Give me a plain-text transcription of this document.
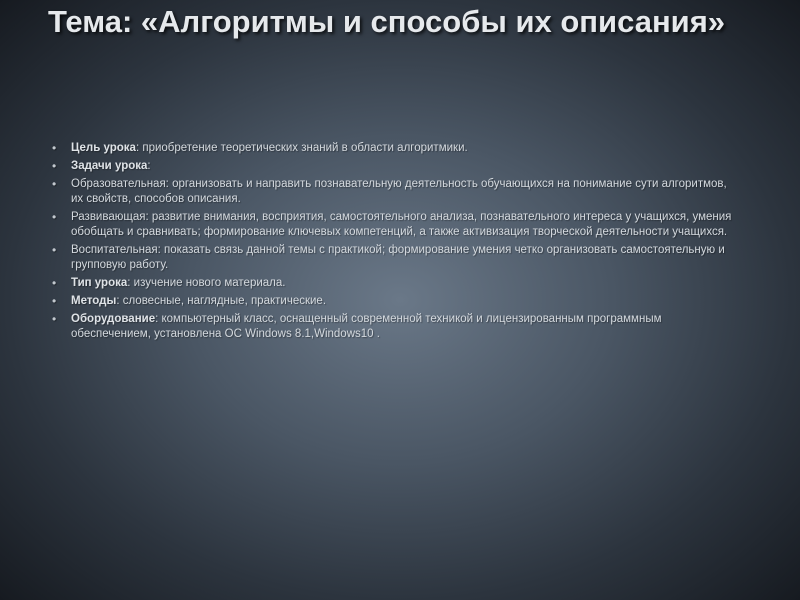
Тема: «Алгоритмы и способы их описания»
• Цель урока: приобретение теоретических знаний в области алгоритмики.
• Задачи урока:
• Образовательная: организовать и направить познавательную деятельность обучающихся на понимание сути алгоритмов, их свойств, способов описания.
• Развивающая: развитие внимания, восприятия, самостоятельного анализа, познавательного интереса у учащихся, умения обобщать и сравнивать; формирование ключевых компетенций, а также активизация творческой деятельности учащихся.
• Воспитательная: показать связь данной темы с практикой; формирование умения четко организовать самостоятельную и групповую работу.
• Тип урока: изучение нового материала.
• Методы: словесные, наглядные, практические.
• Оборудование: компьютерный класс, оснащенный современной техникой и лицензированным программным обеспечением, установлена ОС Windows 8.1,Windows10 .
